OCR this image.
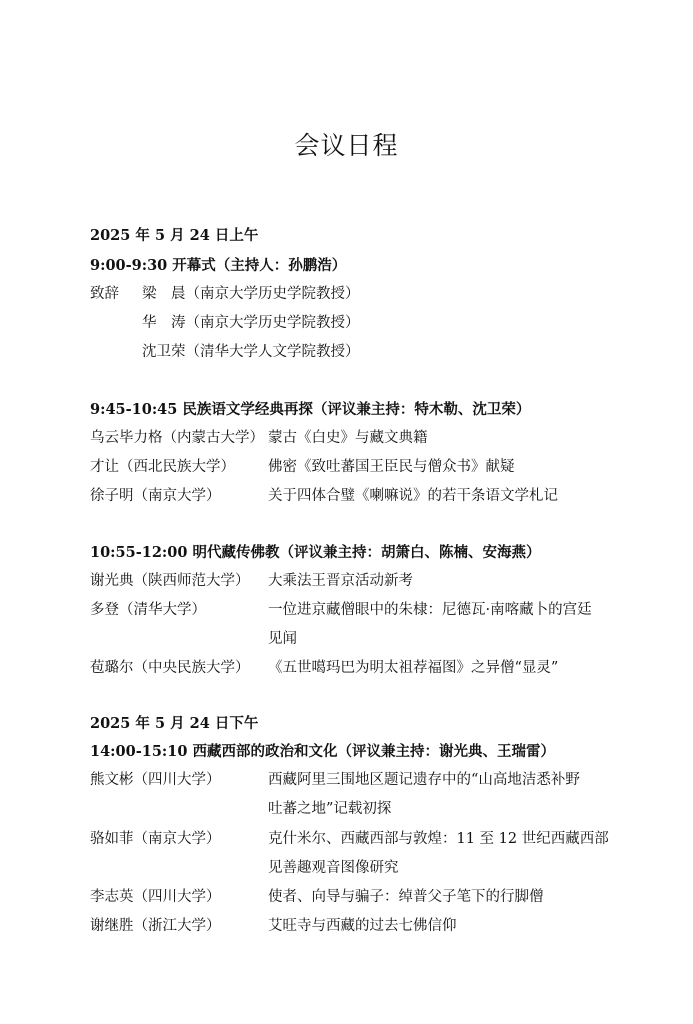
会议日程
2025 年 5 月 24 日上午
9:00-9:30 开幕式（主持人：孙鹏浩）
致辞 梁　晨（南京大学历史学院教授）
华　涛（南京大学历史学院教授）
沈卫荣（清华大学人文学院教授）
9:45-10:45 民族语文学经典再探（评议兼主持：特木勒、沈卫荣）
乌云毕力格（内蒙古大学） 蒙古《白史》与藏文典籍
才让（西北民族大学） 佛密《致吐蕃国王臣民与僧众书》献疑
徐子明（南京大学）	关于四体合璧《喇嘛说》的若干条语文学札记
10:55-12:00 明代藏传佛教（评议兼主持：胡箫白、陈楠、安海燕）
谢光典（陕西师范大学） 大乘法王晋京活动新考
多登（清华大学）	一位进京藏僧眼中的朱棣：尼德瓦·南喀藏卜的宫廷
见闻
苞璐尔（中央民族大学） 《五世噶玛巴为明太祖荐福图》之异僧“显灵”
2025 年 5 月 24 日下午
14:00-15:10 西藏西部的政治和文化（评议兼主持：谢光典、王瑞雷）
熊文彬（四川大学）	西藏阿里三围地区题记遗存中的“山高地洁悉补野
吐蕃之地”记载初探
骆如菲（南京大学）	克什米尔、西藏西部与敦煌：11 至 12 世纪西藏西部
见善趣观音图像研究
李志英（四川大学）	使者、向导与骗子：绰普父子笔下的行脚僧
谢继胜（浙江大学）	艾旺寺与西藏的过去七佛信仰
